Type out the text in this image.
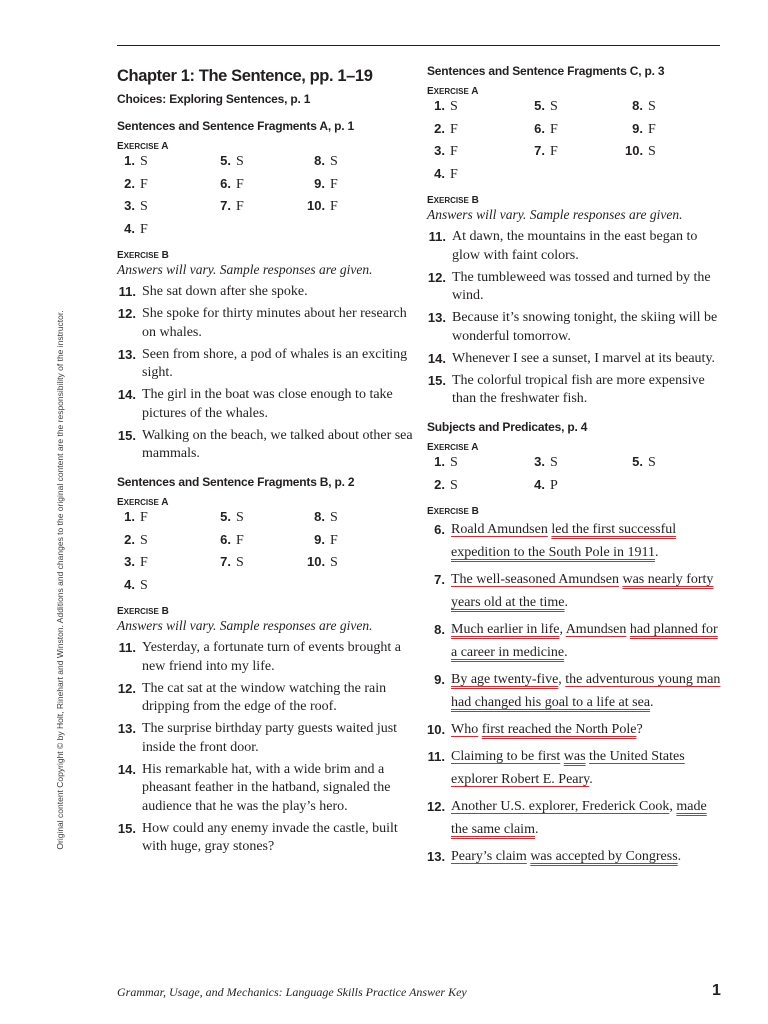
Original content Copyright © by Holt, Rinehart and Winston. Additions and changes to the original content are the responsibility of the instructor.
Chapter 1: The Sentence, pp. 1–19
Choices: Exploring Sentences, p. 1
Sentences and Sentence Fragments A, p. 1
EXERCISE A
1. S	5. S	8. S
2. F	6. F	9. F
3. S	7. F	10. F
4. F
EXERCISE B
Answers will vary. Sample responses are given.
11. She sat down after she spoke.
12. She spoke for thirty minutes about her research on whales.
13. Seen from shore, a pod of whales is an exciting sight.
14. The girl in the boat was close enough to take pictures of the whales.
15. Walking on the beach, we talked about other sea mammals.
Sentences and Sentence Fragments B, p. 2
EXERCISE A
1. F	5. S	8. S
2. S	6. F	9. F
3. F	7. S	10. S
4. S
EXERCISE B
Answers will vary. Sample responses are given.
11. Yesterday, a fortunate turn of events brought a new friend into my life.
12. The cat sat at the window watching the rain dripping from the edge of the roof.
13. The surprise birthday party guests waited just inside the front door.
14. His remarkable hat, with a wide brim and a pheasant feather in the hatband, signaled the audience that he was the play’s hero.
15. How could any enemy invade the castle, built with huge, gray stones?
Sentences and Sentence Fragments C, p. 3
EXERCISE A
1. S	5. S	8. S
2. F	6. F	9. F
3. F	7. F	10. S
4. F
EXERCISE B
Answers will vary. Sample responses are given.
11. At dawn, the mountains in the east began to glow with faint colors.
12. The tumbleweed was tossed and turned by the wind.
13. Because it’s snowing tonight, the skiing will be wonderful tomorrow.
14. Whenever I see a sunset, I marvel at its beauty.
15. The colorful tropical fish are more expensive than the freshwater fish.
Subjects and Predicates, p. 4
EXERCISE A
1. S	3. S	5. S
2. S	4. P
EXERCISE B
6. Roald Amundsen led the first successful expedition to the South Pole in 1911.
7. The well-seasoned Amundsen was nearly forty years old at the time.
8. Much earlier in life, Amundsen had planned for a career in medicine.
9. By age twenty-five, the adventurous young man had changed his goal to a life at sea.
10. Who first reached the North Pole?
11. Claiming to be first was the United States explorer Robert E. Peary.
12. Another U.S. explorer, Frederick Cook, made the same claim.
13. Peary’s claim was accepted by Congress.
Grammar, Usage, and Mechanics: Language Skills Practice Answer Key	1
